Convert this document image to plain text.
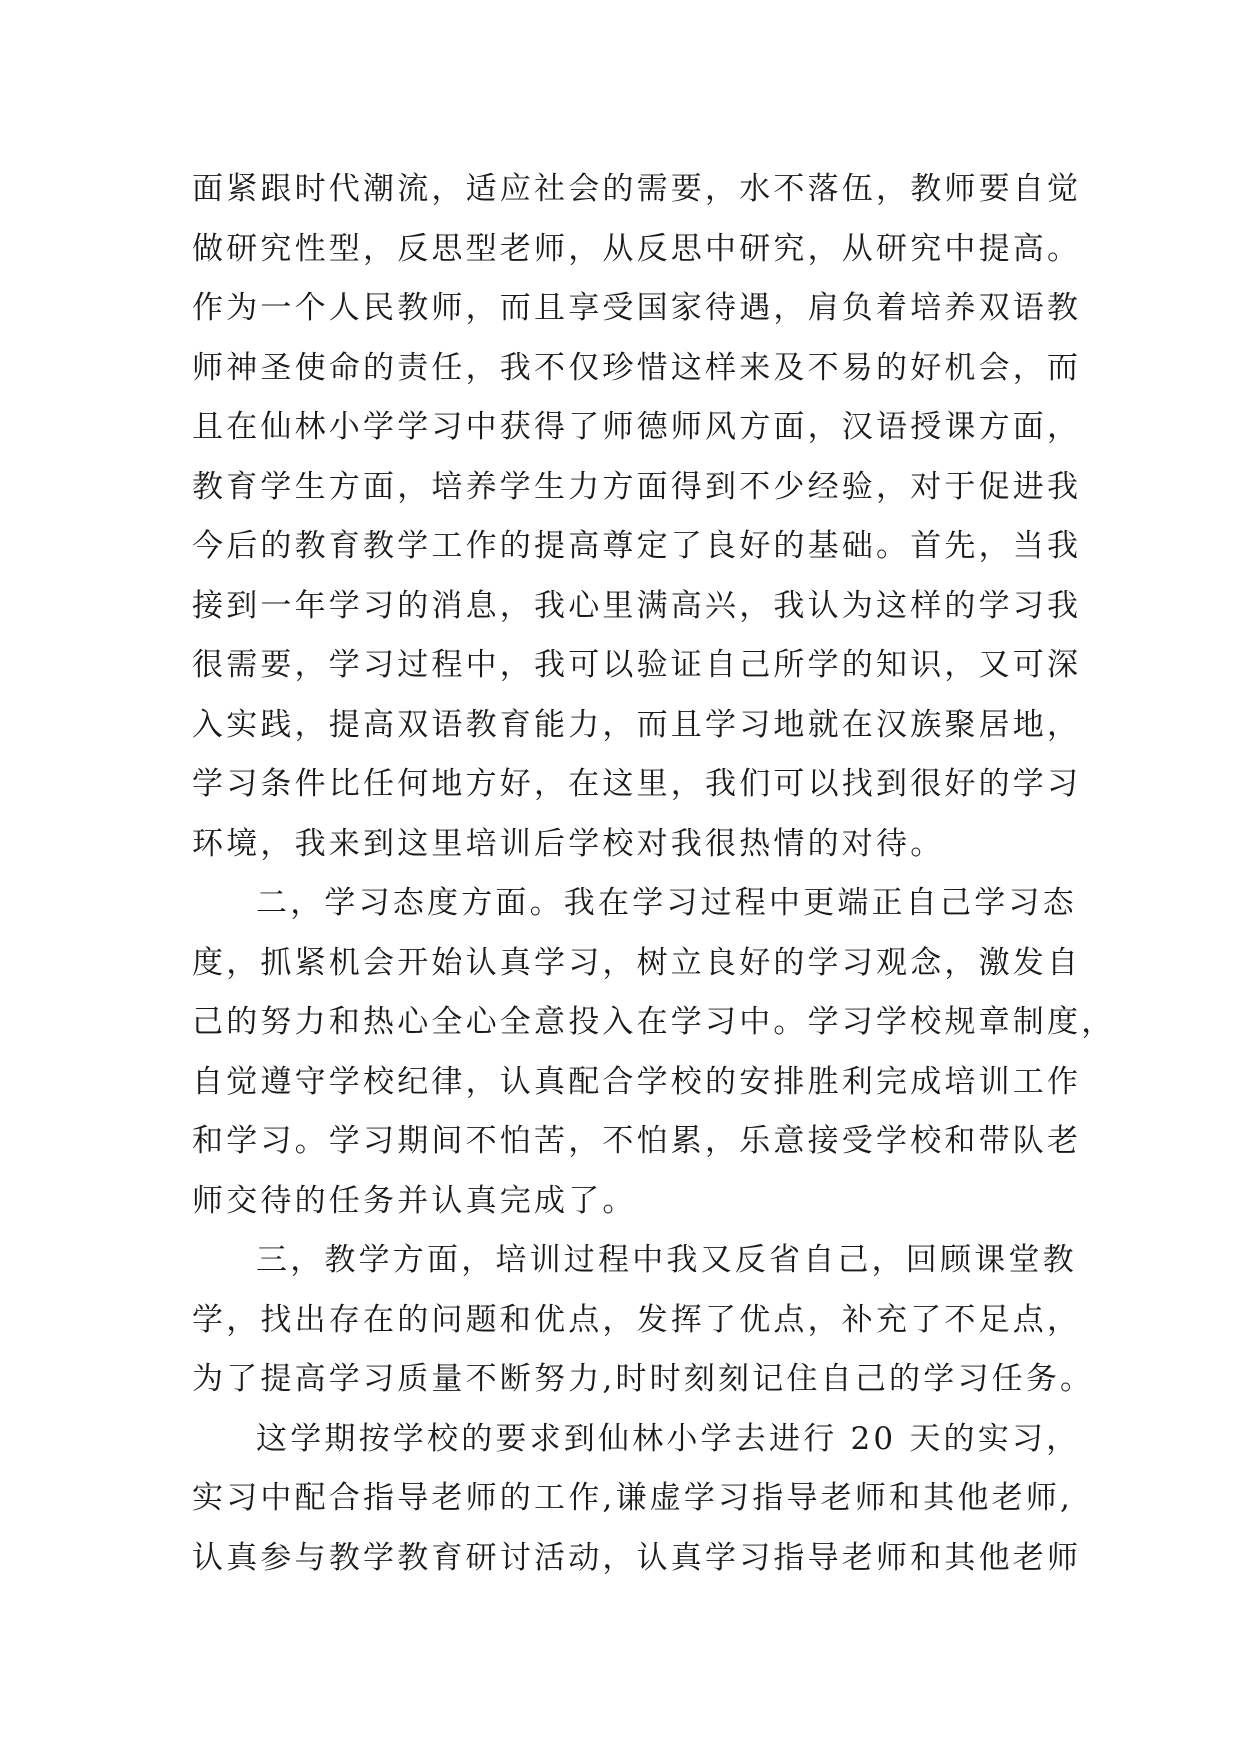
面紧跟时代潮流，适应社会的需要，水不落伍，教师要自觉
做研究性型，反思型老师，从反思中研究，从研究中提高。
作为一个人民教师，而且享受国家待遇，肩负着培养双语教
师神圣使命的责任，我不仅珍惜这样来及不易的好机会，而
且在仙林小学学习中获得了师德师风方面，汉语授课方面，
教育学生方面，培养学生力方面得到不少经验，对于促进我
今后的教育教学工作的提高尊定了良好的基础。首先，当我
接到一年学习的消息，我心里满高兴，我认为这样的学习我
很需要，学习过程中，我可以验证自己所学的知识，又可深
入实践，提高双语教育能力，而且学习地就在汉族聚居地，
学习条件比任何地方好，在这里，我们可以找到很好的学习
环境，我来到这里培训后学校对我很热情的对待。
二，学习态度方面。我在学习过程中更端正自己学习态
度，抓紧机会开始认真学习，树立良好的学习观念，激发自
己的努力和热心全心全意投入在学习中。学习学校规章制度，
自觉遵守学校纪律，认真配合学校的安排胜利完成培训工作
和学习。学习期间不怕苦，不怕累，乐意接受学校和带队老
师交待的任务并认真完成了。
三，教学方面，培训过程中我又反省自己，回顾课堂教
学，找出存在的问题和优点，发挥了优点，补充了不足点，
为了提高学习质量不断努力,时时刻刻记住自己的学习任务。
这学期按学校的要求到仙林小学去进行 20 天的实习，
实习中配合指导老师的工作,谦虚学习指导老师和其他老师,
认真参与教学教育研讨活动，认真学习指导老师和其他老师
